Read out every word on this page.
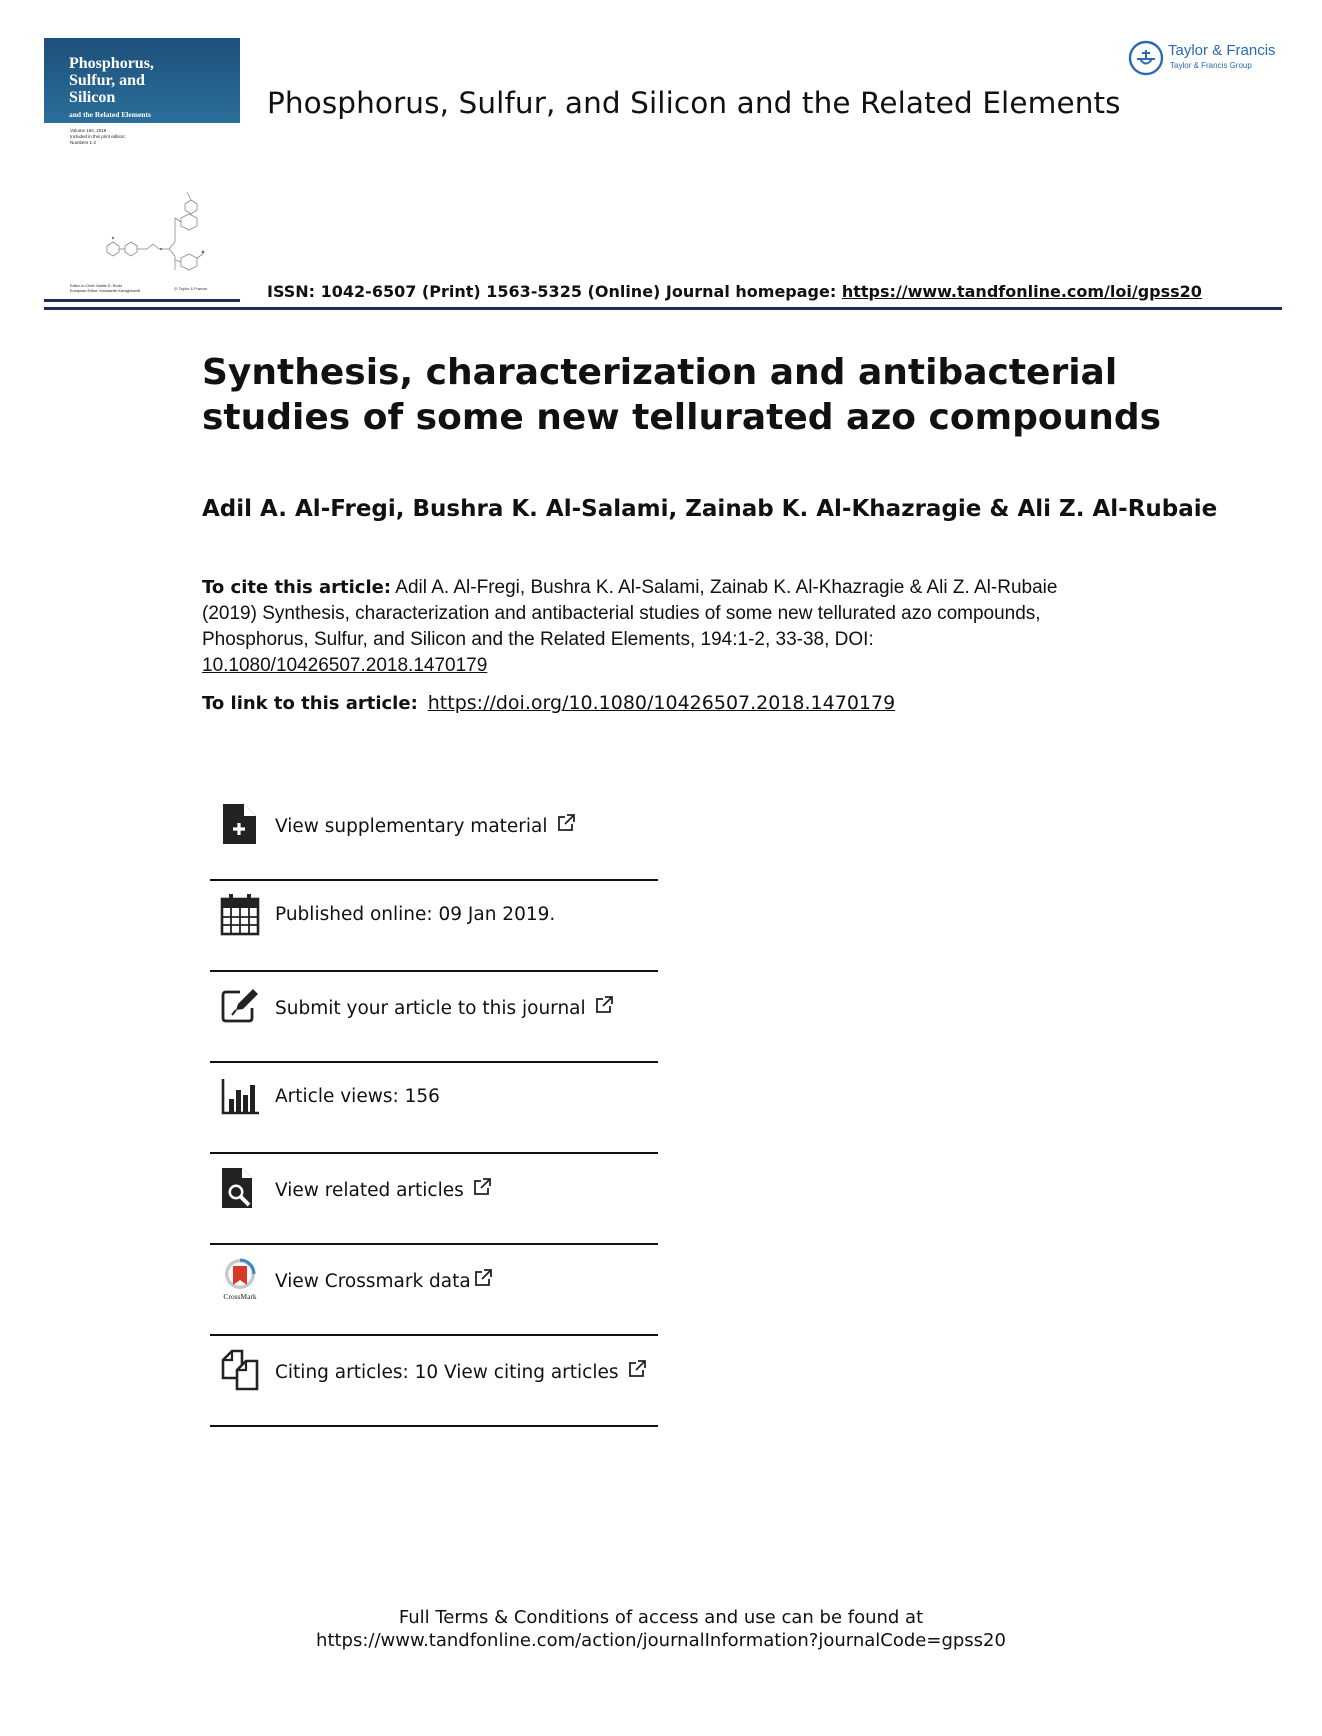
Phosphorus,
Sulfur, and
Silicon
and the Related Elements
Volume 194, 2019
Included in this print edition:
Numbers 1-2
Editor-in-Chief: Mattie D. Rudd
European Editor: Konstantin Karaghiosoff	◎ Taylor & Francis
Taylor & Francis
Taylor & Francis Group
Phosphorus, Sulfur, and Silicon and the Related Elements
ISSN: 1042-6507 (Print) 1563-5325 (Online) Journal homepage: https://www.tandfonline.com/loi/gpss20
Synthesis, characterization and antibacterial studies of some new tellurated azo compounds
Adil A. Al-Fregi, Bushra K. Al-Salami, Zainab K. Al-Khazragie & Ali Z. Al-Rubaie
To cite this article: Adil A. Al-Fregi, Bushra K. Al-Salami, Zainab K. Al-Khazragie & Ali Z. Al-Rubaie (2019) Synthesis, characterization and antibacterial studies of some new tellurated azo compounds, Phosphorus, Sulfur, and Silicon and the Related Elements, 194:1-2, 33-38, DOI: 10.1080/10426507.2018.1470179
To link to this article: https://doi.org/10.1080/10426507.2018.1470179
View supplementary material
Published online: 09 Jan 2019.
Submit your article to this journal
Article views: 156
View related articles
CrossMark
View Crossmark data
Citing articles: 10 View citing articles
Full Terms & Conditions of access and use can be found at
https://www.tandfonline.com/action/journalInformation?journalCode=gpss20
